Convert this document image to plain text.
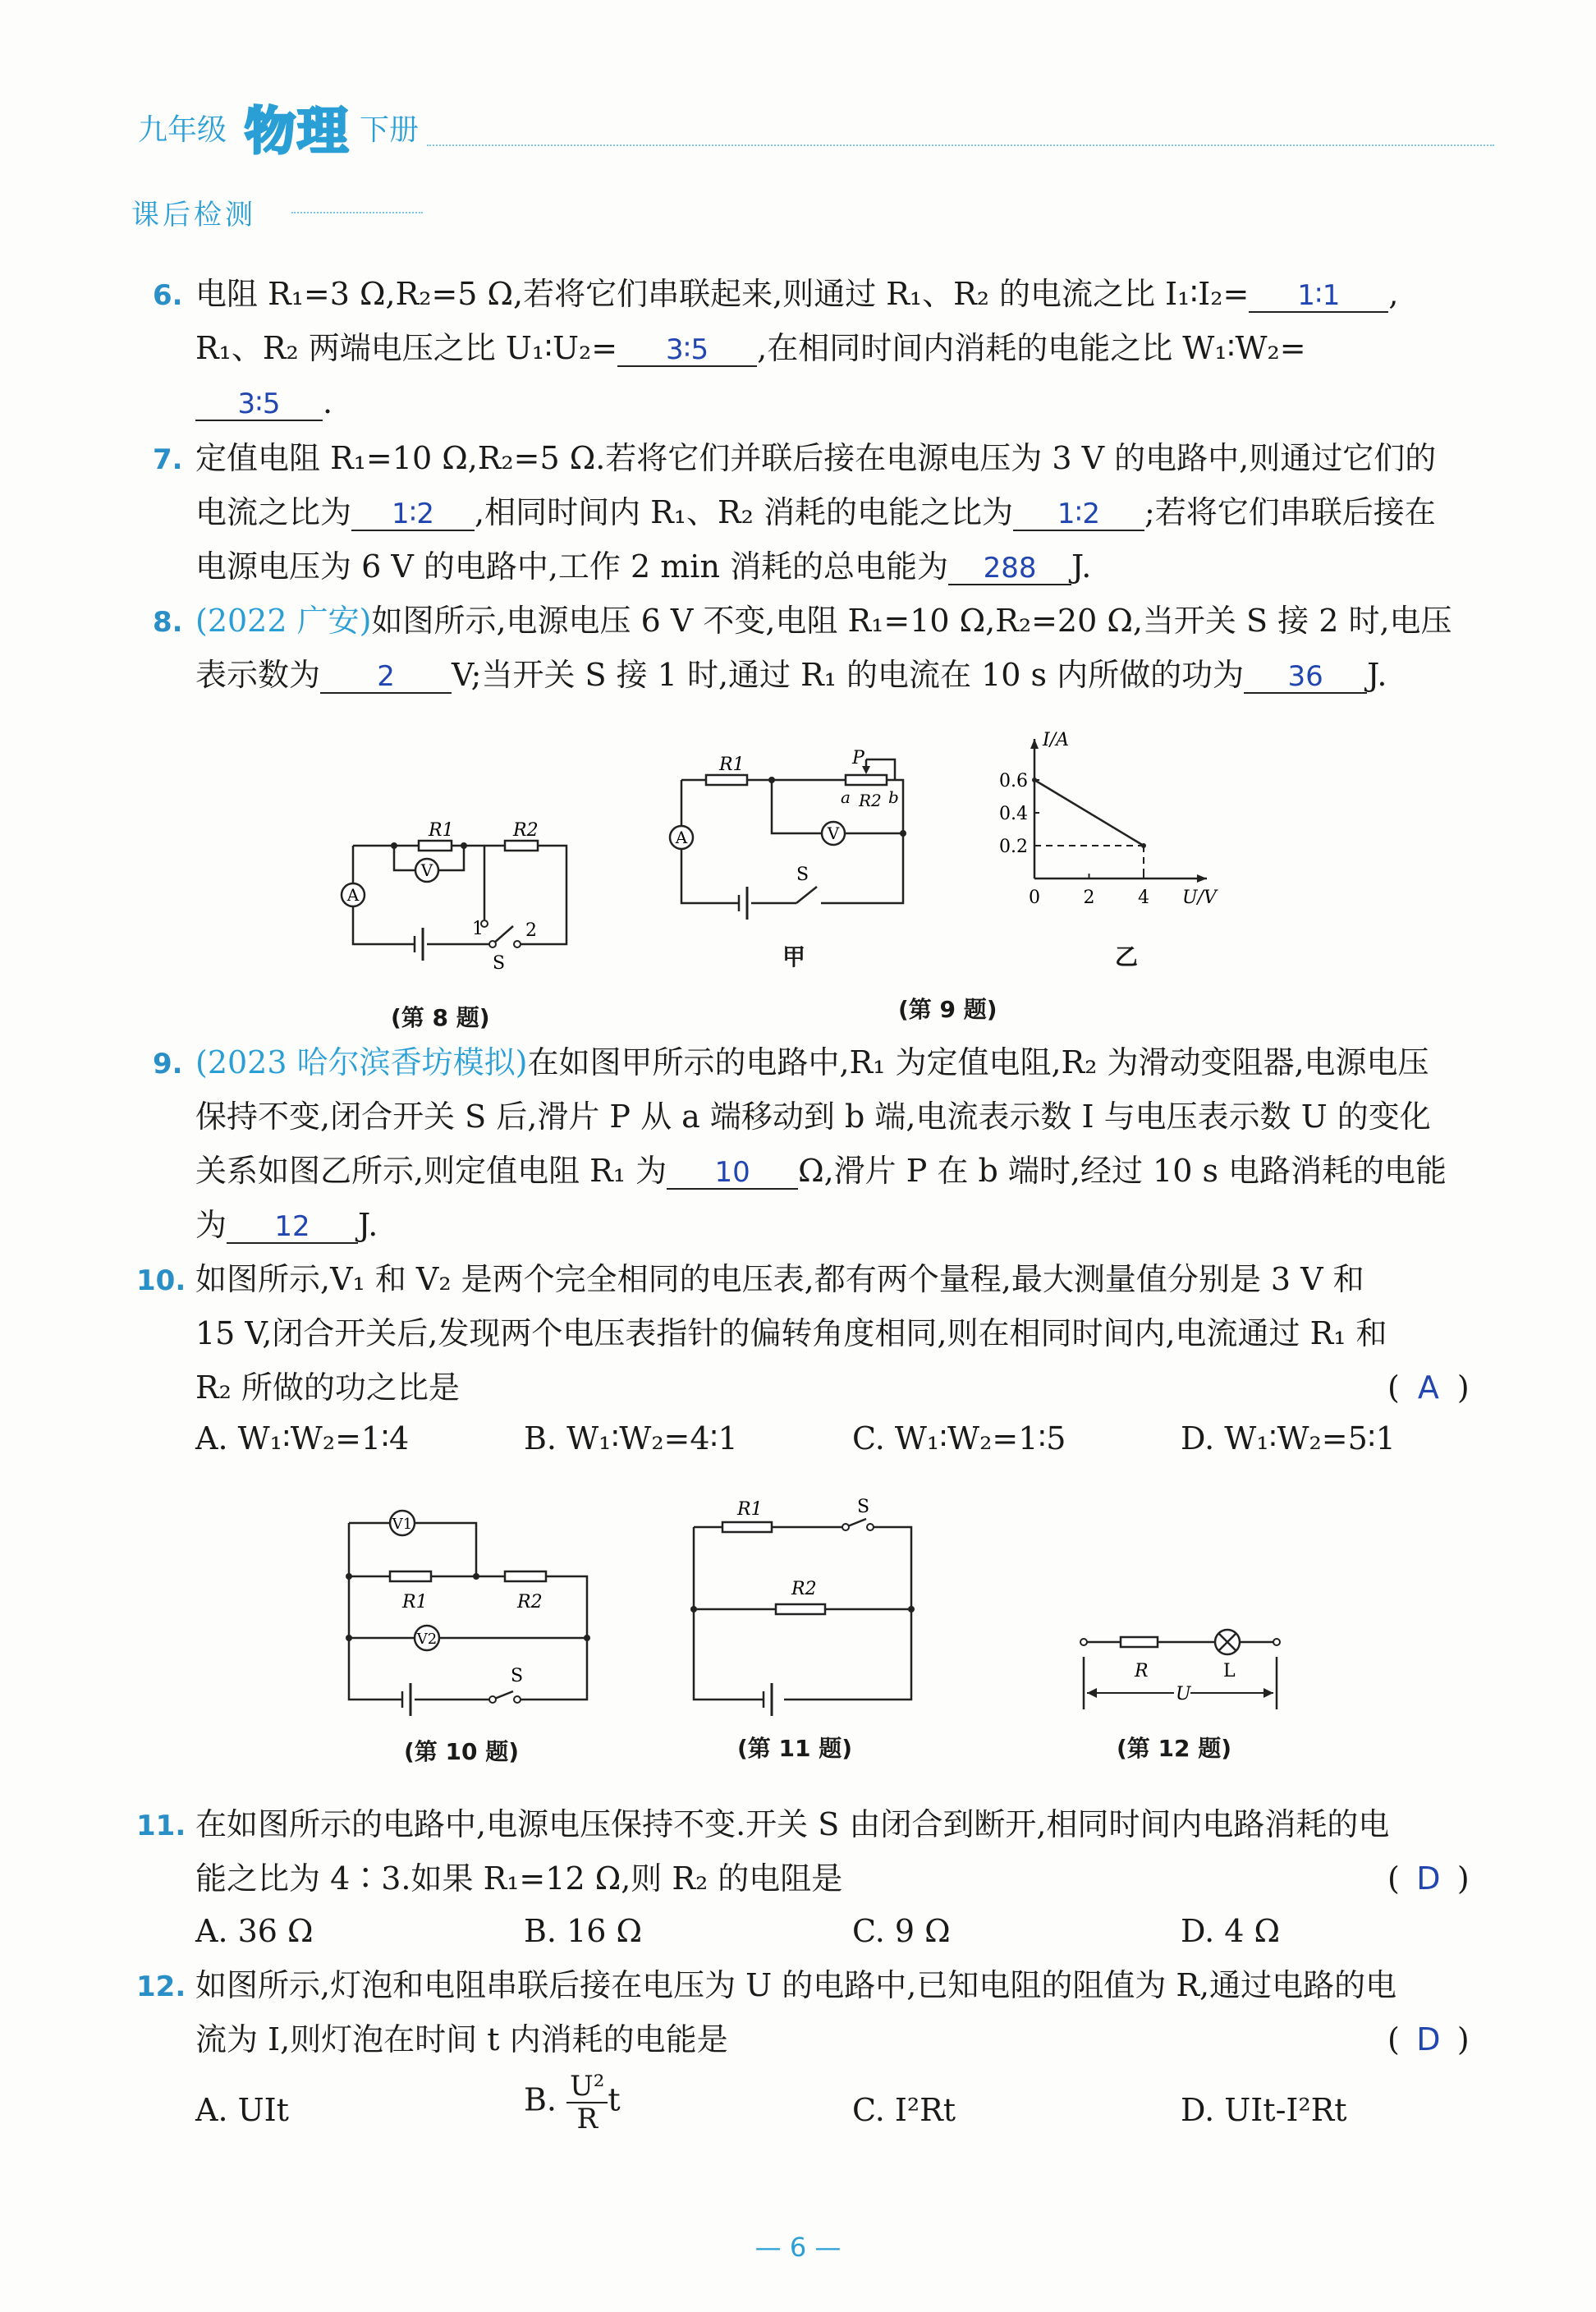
九年级 物理 下册
课后检测
6. 电阻 R₁=3 Ω,R₂=5 Ω,若将它们串联起来,则通过 R₁、R₂ 的电流之比 I₁∶I₂= 1∶1 ,
R₁、R₂ 两端电压之比 U₁∶U₂= 3∶5 ,在相同时间内消耗的电能之比 W₁∶W₂=
3∶5 .
7. 定值电阻 R₁=10 Ω,R₂=5 Ω.若将它们并联后接在电源电压为 3 V 的电路中,则通过它们的
电流之比为 1∶2 ,相同时间内 R₁、R₂ 消耗的电能之比为 1∶2 ;若将它们串联后接在
电源电压为 6 V 的电路中,工作 2 min 消耗的总电能为 288 J.
8. (2022 广安)如图所示,电源电压 6 V 不变,电阻 R₁=10 Ω,R₂=20 Ω,当开关 S 接 2 时,电压
表示数为 2 V;当开关 S 接 1 时,通过 R₁ 的电流在 10 s 内所做的功为 36 J.
A
V
R1	R2
1 2
S
(第 8 题)
A	V
R1	P
a R2 b
S
甲
I/A
U/V
0 2 4
0.2
0.4
0.6
乙
(第 9 题)
9. (2023 哈尔滨香坊模拟)在如图甲所示的电路中,R₁ 为定值电阻,R₂ 为滑动变阻器,电源电压
保持不变,闭合开关 S 后,滑片 P 从 a 端移动到 b 端,电流表示数 I 与电压表示数 U 的变化
关系如图乙所示,则定值电阻 R₁ 为 10 Ω,滑片 P 在 b 端时,经过 10 s 电路消耗的电能
为 12 J.
10. 如图所示,V₁ 和 V₂ 是两个完全相同的电压表,都有两个量程,最大测量值分别是 3 V 和
15 V,闭合开关后,发现两个电压表指针的偏转角度相同,则在相同时间内,电流通过 R₁ 和
R₂ 所做的功之比是	( A )
A. W₁∶W₂=1∶4	B. W₁∶W₂=4∶1	C. W₁∶W₂=1∶5	D. W₁∶W₂=5∶1
V1
V2
R1	R2
S
(第 10 题)
R1
R2
S
(第 11 题)
R	L
U
(第 12 题)
11. 在如图所示的电路中,电源电压保持不变.开关 S 由闭合到断开,相同时间内电路消耗的电
能之比为 4∶3.如果 R₁=12 Ω,则 R₂ 的电阻是	( D )
A. 36 Ω	B. 16 Ω	C. 9 Ω	D. 4 Ω
12. 如图所示,灯泡和电阻串联后接在电压为 U 的电路中,已知电阻的阻值为 R,通过电路的电
流为 I,则灯泡在时间 t 内消耗的电能是	( D )
A. UIt	B. $\frac{\text{U²}}{R}$ t	C. I²Rt	D. UIt-I²Rt
— 6 —
